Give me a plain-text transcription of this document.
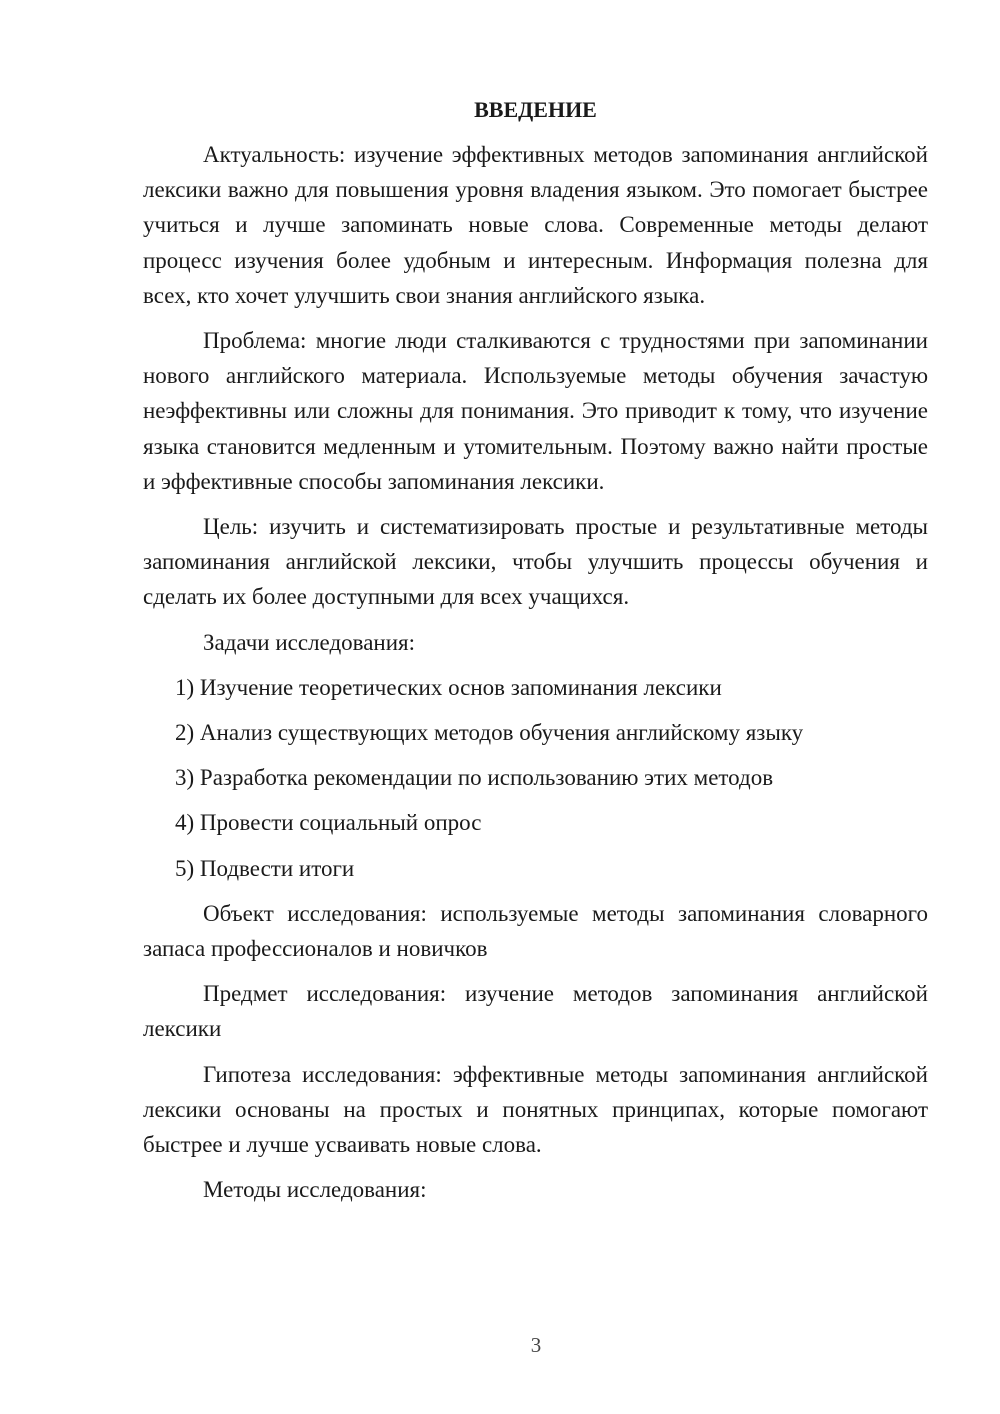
ВВЕДЕНИЕ
Актуальность: изучение эффективных методов запоминания английской лексики важно для повышения уровня владения языком. Это помогает быстрее учиться и лучше запоминать новые слова. Современные методы делают процесс изучения более удобным и интересным. Информация полезна для всех, кто хочет улучшить свои знания английского языка.
Проблема: многие люди сталкиваются с трудностями при запоминании нового английского материала. Используемые методы обучения зачастую неэффективны или сложны для понимания. Это приводит к тому, что изучение языка становится медленным и утомительным. Поэтому важно найти простые и эффективные способы запоминания лексики.
Цель: изучить и систематизировать простые и результативные методы запоминания английской лексики, чтобы улучшить процессы обучения и сделать их более доступными для всех учащихся.
Задачи исследования:
1) Изучение теоретических основ запоминания лексики
2) Анализ существующих методов обучения английскому языку
3) Разработка рекомендации по использованию этих методов
4) Провести социальный опрос
5) Подвести итоги
Объект исследования: используемые методы запоминания словарного запаса профессионалов и новичков
Предмет исследования: изучение методов запоминания английской лексики
Гипотеза исследования: эффективные методы запоминания английской лексики основаны на простых и понятных принципах, которые помогают быстрее и лучше усваивать новые слова.
Методы исследования:
3
